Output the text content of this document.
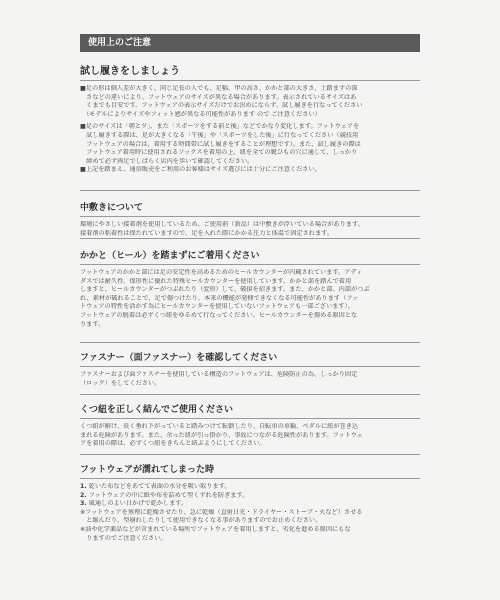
使用上のご注意
試し履きをしましょう
■足の形は個人差が大きく、同じ足長の人でも、足幅、甲の高さ、かかと部の大きさ、土踏まずの深
　さなどの違いにより、フットウェアのサイズが異なる場合があります。表示されているサイズはあ
　くまでも目安です。フットウェアの表示サイズだけでお決めにならず、試し履きを行なってください
　（モデルによりサイズやフィット感が異なる可能性があります ので ご注意ください）
■足のサイズは「朝と夕」、また「スポーツをする前と後」などでかなり変化します。フットウェアを
　試し履きする際は、足が大きくなる「午後」や「スポーツをした後」に行なってください（競技用
　フットウェアの場合は、着用する時間帯に試し履きをすることが理想です）。また、試し履きの際は
　フットウェア着用時に使用されるソックスを着用の上、紐を全ての靴ひもの穴に通して、しっかり
　締めて必ず両足でしばらく店内を歩いて確認してください。
■上記を踏まえ、通信販売をご利用のお客様はサイズ選びには十分にご注意ください。
中敷きについて
環境にやさしい接着剤を使用しているため、ご使用前（新品）は中敷きが浮いている場合があります。
接着剤の粘着性は保たれていますので、足を入れた際にかかる圧力と体温で固定されます。
かかと（ヒール）を踏まずにご着用ください
フットウェアのかかと部には足の安定性を高めるためのヒールカウンターが内蔵されています。アディ
ダスでは耐久性、保形性に優れた特殊ヒールカウンターを使用しています。かかと部を踏んで着用
しますと、ヒールカウンターがつぶれたり（変形）して、破損を招きます。また、かかと部、内部がつぶ
れ、素材が破れることで、足で傷つけたり、本来の機能が発揮できなくなる可能性があります（フッ
トウェアの特性を活かす為にヒールカウンターを使用していないフットウェアも一部ございます）。
フットウェアの脱着は必ずくつ紐をゆるめて行なってください。ヒールカウンターを傷める原因とな
ります。
ファスナー（面ファスナー）を確認してください
ファスナーおよび面ファスナーを使用している構造のフットウェアは、危険防止の為、しっかり固定
（ロック）をしてください。
くつ紐を正しく結んでご使用ください
くつ紐が解け、長く垂れ下がっていると踏みつけて転倒したり、自転車の車輪、ペダルに紐が巻き込
まれる危険があります。また、余った紐が引っ掛かり、事故につながる危険性があります。フットウェ
アを着用の際は、必ずくつ紐をきちんと結ぶようにしてください。
フットウェアが濡れてしまった時
1. 乾いた布などをあてて表面の水分を吸い取ります。
2. フットウェアの中に紙や布を詰めて型くずれを防ぎます。
3. 風通しのよい日かげで乾かします。
※フットウェアを無理に乾燥させたり、急に乾燥（直射日光・ドライヤー・ストーブ・火など）させる
　と縮んだり、型崩れしたりして使用できなくなる事がありますのでお止めください。
※油や化学薬品などが含まれている場所でフットウェアを着用しますと、劣化を進める原因にもな
　りますのでご注意ください。
